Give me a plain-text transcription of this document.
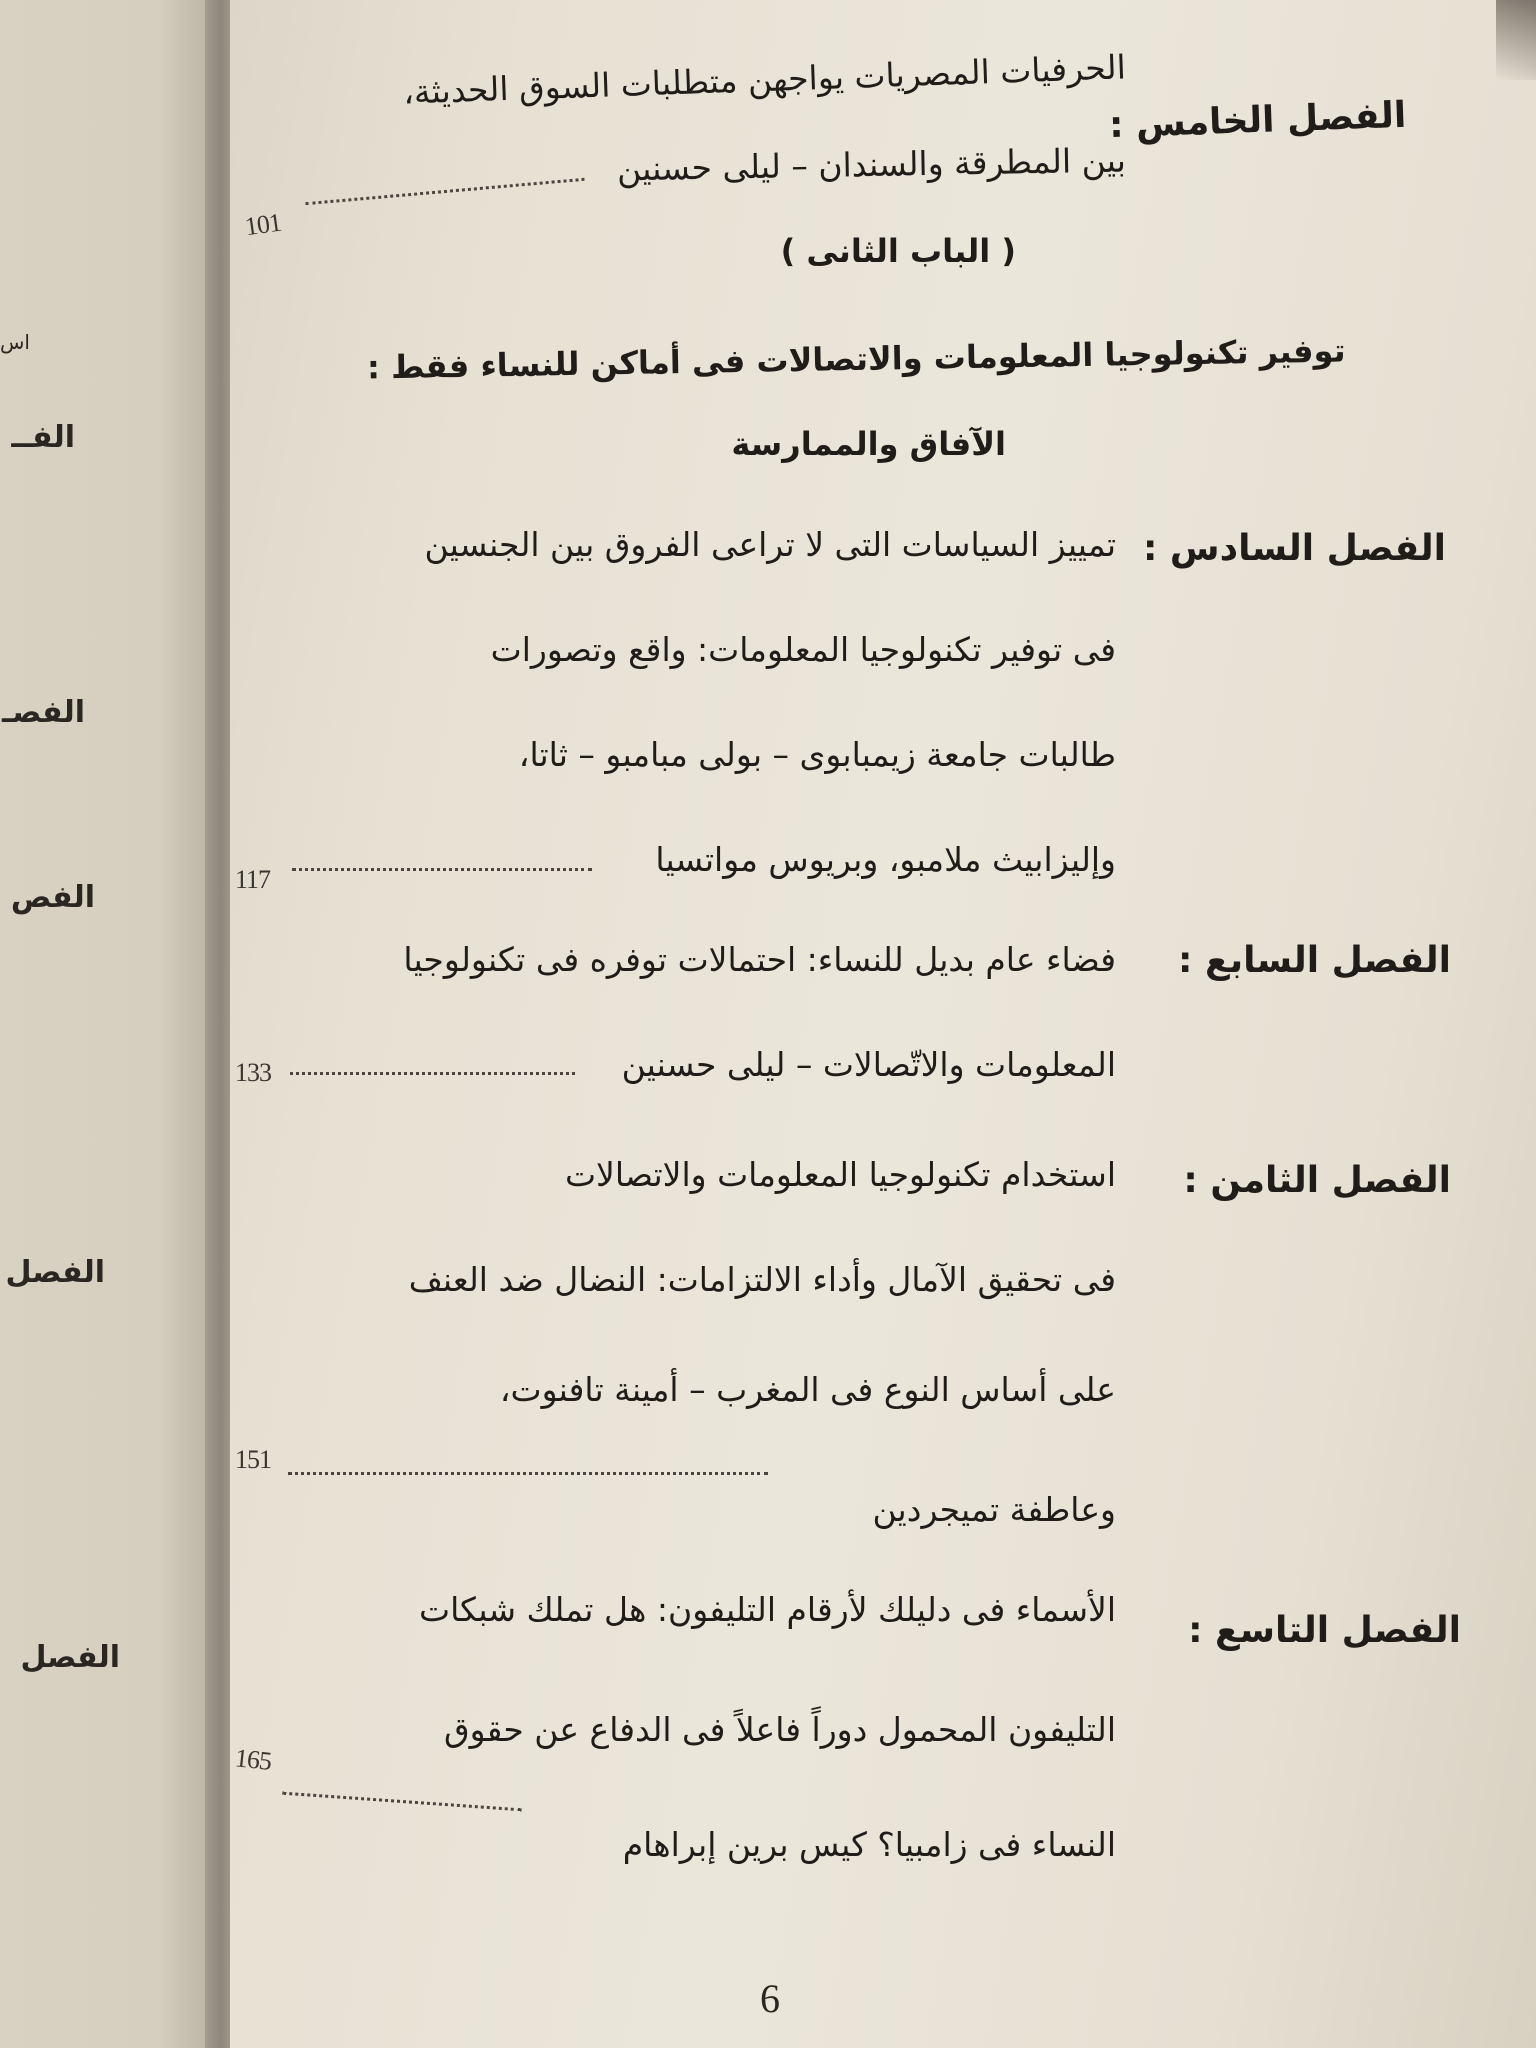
اس
الفــ
الفصـ
الفص
الفصل
الفصل
الفصل الخامس :
الحرفيات المصريات يواجهن متطلبات السوق الحديثة،
بين المطرقة والسندان – ليلى حسنين
101
( الباب الثانى )
توفير تكنولوجيا المعلومات والاتصالات فى أماكن للنساء فقط :
الآفاق والممارسة
الفصل السادس :
تمييز السياسات التى لا تراعى الفروق بين الجنسين
فى توفير تكنولوجيا المعلومات: واقع وتصورات
طالبات جامعة زيمبابوى – بولى مبامبو – ثاتا،
وإليزابيث ملامبو، وبريوس مواتسيا
117
الفصل السابع :
فضاء عام بديل للنساء: احتمالات توفره فى تكنولوجيا
المعلومات والاتّصالات – ليلى حسنين
133
الفصل الثامن :
استخدام تكنولوجيا المعلومات والاتصالات
فى تحقيق الآمال وأداء الالتزامات: النضال ضد العنف
على أساس النوع فى المغرب – أمينة تافنوت،
وعاطفة تميجردين
151
الفصل التاسع :
الأسماء فى دليلك لأرقام التليفون: هل تملك شبكات
التليفون المحمول دوراً فاعلاً فى الدفاع عن حقوق
النساء فى زامبيا؟ كيس برين إبراهام
165
6
